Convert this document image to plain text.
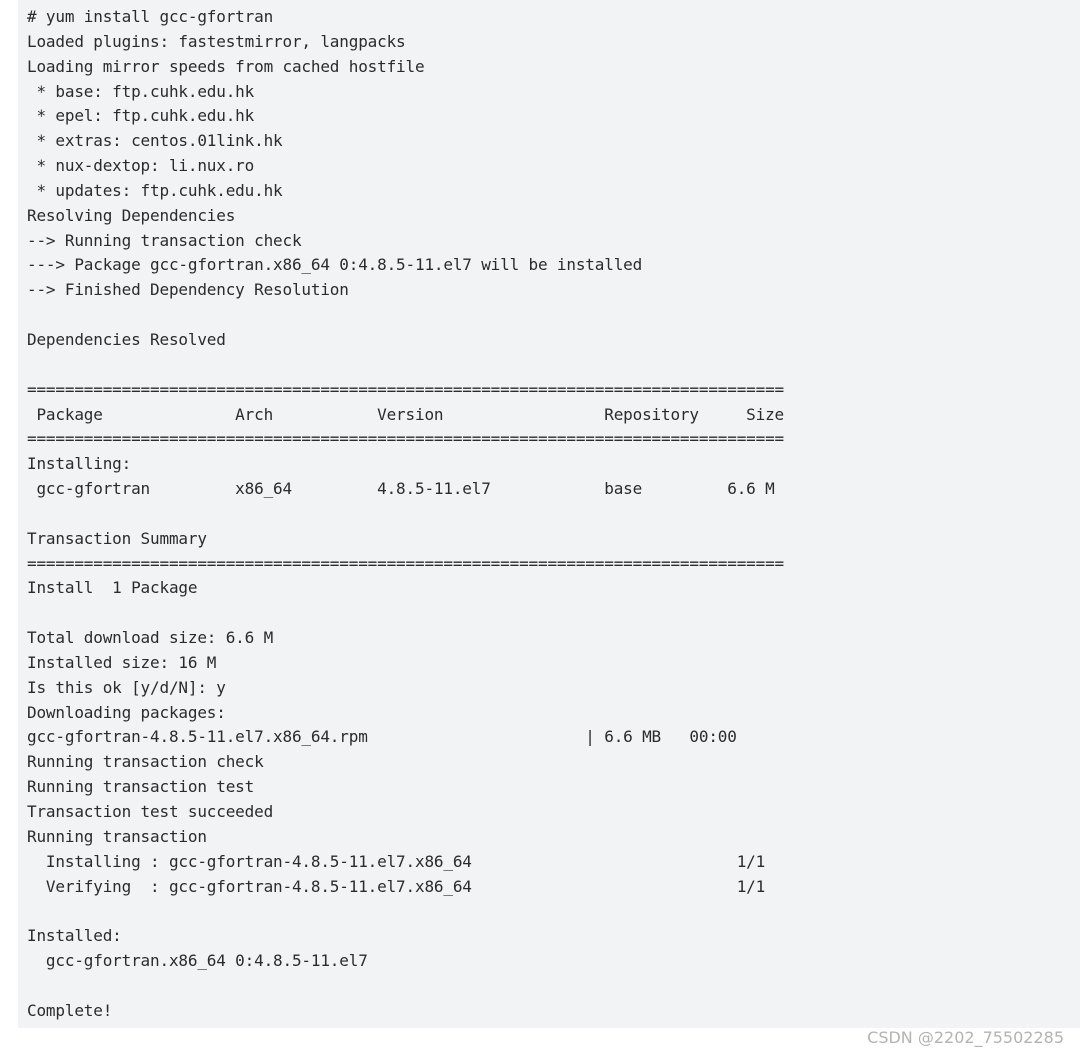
# yum install gcc-gfortran
Loaded plugins: fastestmirror, langpacks
Loading mirror speeds from cached hostfile
* base: ftp.cuhk.edu.hk
* epel: ftp.cuhk.edu.hk
* extras: centos.01link.hk
* nux-dextop: li.nux.ro
* updates: ftp.cuhk.edu.hk
Resolving Dependencies
--> Running transaction check
---> Package gcc-gfortran.x86_64 0:4.8.5-11.el7 will be installed
--> Finished Dependency Resolution
Dependencies Resolved
================================================================================
Package              Arch           Version                 Repository     Size
================================================================================
Installing:
gcc-gfortran         x86_64         4.8.5-11.el7            base         6.6 M
Transaction Summary
================================================================================
Install  1 Package
Total download size: 6.6 M
Installed size: 16 M
Is this ok [y/d/N]: y
Downloading packages:
gcc-gfortran-4.8.5-11.el7.x86_64.rpm                       | 6.6 MB   00:00
Running transaction check
Running transaction test
Transaction test succeeded
Running transaction
Installing : gcc-gfortran-4.8.5-11.el7.x86_64                            1/1
Verifying  : gcc-gfortran-4.8.5-11.el7.x86_64                            1/1
Installed:
gcc-gfortran.x86_64 0:4.8.5-11.el7
Complete!
CSDN @2202_75502285
